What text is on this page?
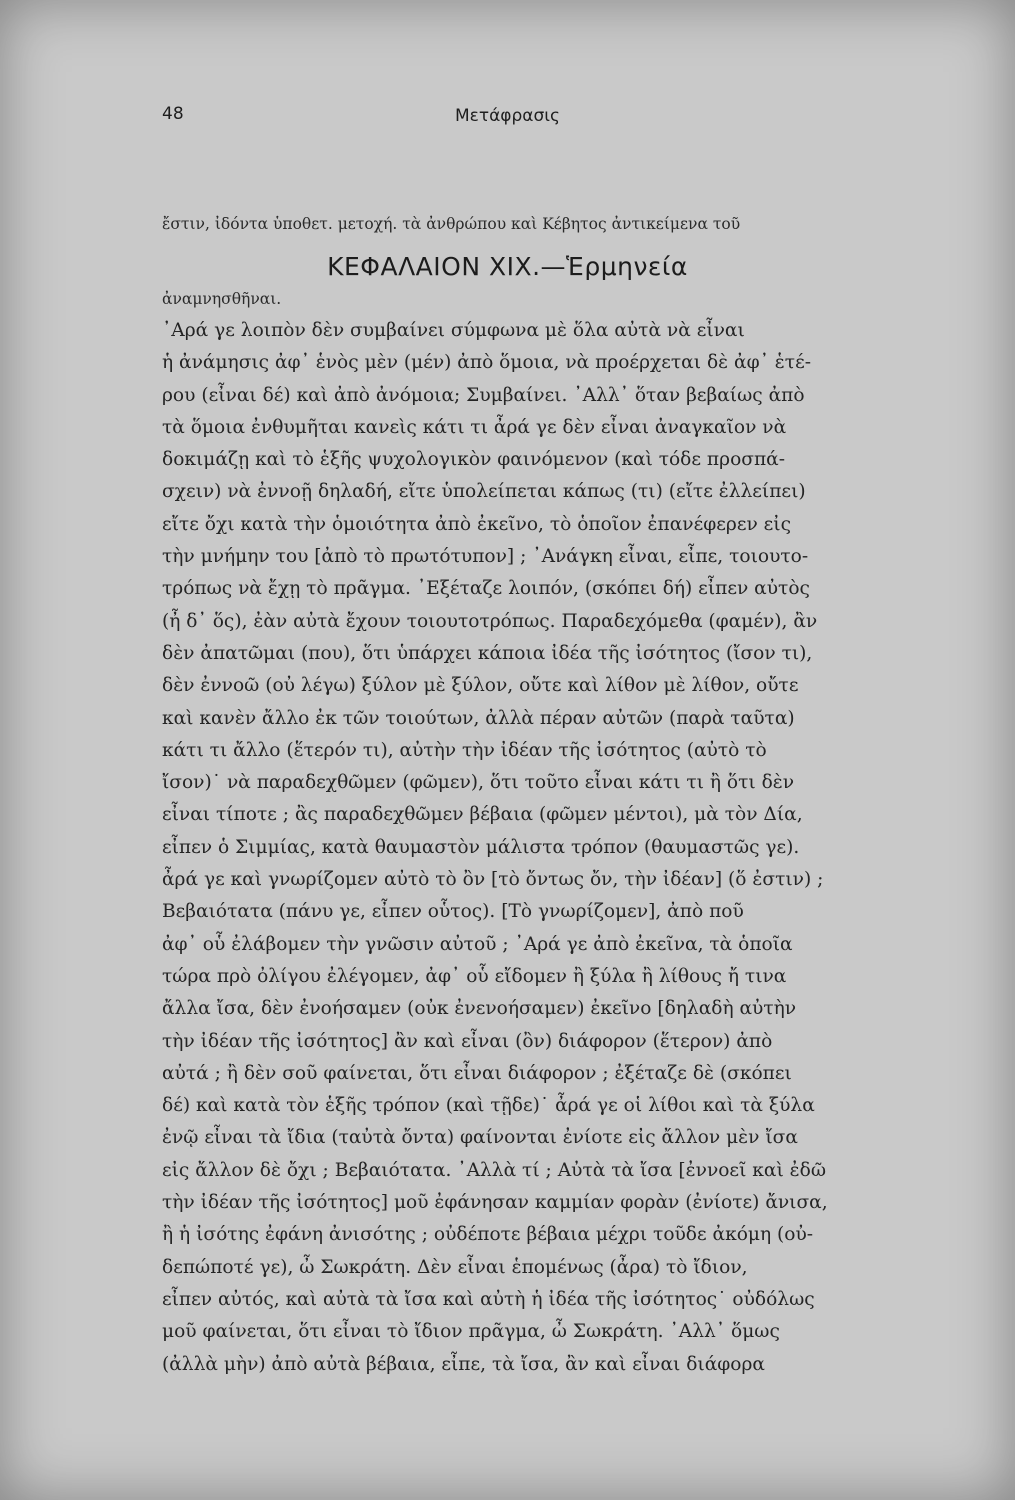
48	Μετάφρασις

ἔστιν, ἰδόντα ὑποθετ. μετοχή. τὰ ἀνθρώπου καὶ Κέβητος ἀντικείμενα τοῦ

ἀναμνησθῆναι.

ΚΕΦΑΛΑΙΟΝ ΧΙΧ.—Ἑρμηνεία
᾿Αρά γε λοιπὸν δὲν συμβαίνει σύμφωνα μὲ ὅλα αὐτὰ νὰ εἶναι
ἡ ἀνάμησις ἀφ᾽ ἑνὸς μὲν (μέν) ἀπὸ ὅμοια, νὰ προέρχεται δὲ ἀφ᾽ ἑτέ-
ρου (εἶναι δέ) καὶ ἀπὸ ἀνόμοια; Συμβαίνει. ᾿Αλλ᾽ ὅταν βεβαίως ἀπὸ
τὰ ὅμοια ἐνθυμῆται κανεὶς κάτι τι ἆρά γε δὲν εἶναι ἀναγκαῖον νὰ
δοκιμάζῃ καὶ τὸ ἑξῆς ψυχολογικὸν φαινόμενον (καὶ τόδε προσπά-
σχειν) νὰ ἐννοῇ δηλαδή, εἴτε ὑπολείπεται κάπως (τι) (εἴτε ἐλλείπει)
εἴτε ὄχι κατὰ τὴν ὁμοιότητα ἀπὸ ἐκεῖνο, τὸ ὁποῖον ἐπανέφερεν εἰς
τὴν μνήμην του [ἀπὸ τὸ πρωτότυπον] ; ᾿Ανάγκη εἶναι, εἶπε, τοιουτο-
τρόπως νὰ ἔχῃ τὸ πρᾶγμα. ᾿Εξέταζε λοιπόν, (σκόπει δή) εἶπεν αὐτὸς
(ἦ δ᾽ ὅς), ἐὰν αὐτὰ ἔχουν τοιουτοτρόπως. Παραδεχόμεθα (φαμέν), ἂν
δὲν ἀπατῶμαι (που), ὅτι ὑπάρχει κάποια ἰδέα τῆς ἰσότητος (ἴσον τι),
δὲν ἐννοῶ (οὐ λέγω) ξύλον μὲ ξύλον, οὔτε καὶ λίθον μὲ λίθον, οὔτε
καὶ κανὲν ἄλλο ἐκ τῶν τοιούτων, ἀλλὰ πέραν αὐτῶν (παρὰ ταῦτα)
κάτι τι ἄλλο (ἕτερόν τι), αὐτὴν τὴν ἰδέαν τῆς ἰσότητος (αὐτὸ τὸ
ἴσον)˙ νὰ παραδεχθῶμεν (φῶμεν), ὅτι τοῦτο εἶναι κάτι τι ἢ ὅτι δὲν
εἶναι τίποτε ; ἂς παραδεχθῶμεν βέβαια (φῶμεν μέντοι), μὰ τὸν Δία,
εἶπεν ὁ Σιμμίας, κατὰ θαυμαστὸν μάλιστα τρόπον (θαυμαστῶς γε).
ἆρά γε καὶ γνωρίζομεν αὐτὸ τὸ ὂν [τὸ ὄντως ὄν, τὴν ἰδέαν] (ὅ ἐστιν) ;
Βεβαιότατα (πάνυ γε, εἶπεν οὗτος). [Τὸ γνωρίζομεν], ἀπὸ ποῦ
ἀφ᾽ οὗ ἐλάβομεν τὴν γνῶσιν αὐτοῦ ; ᾿Αρά γε ἀπὸ ἐκεῖνα, τὰ ὁποῖα
τώρα πρὸ ὀλίγου ἐλέγομεν, ἀφ᾽ οὗ εἴδομεν ἢ ξύλα ἢ λίθους ἤ τινα
ἄλλα ἴσα, δὲν ἐνοήσαμεν (οὐκ ἐνενοήσαμεν) ἐκεῖνο [δηλαδὴ αὐτὴν
τὴν ἰδέαν τῆς ἰσότητος] ἂν καὶ εἶναι (ὂν) διάφορον (ἕτερον) ἀπὸ
αὐτά ; ἢ δὲν σοῦ φαίνεται, ὅτι εἶναι διάφορον ; ἐξέταζε δὲ (σκόπει
δέ) καὶ κατὰ τὸν ἑξῆς τρόπον (καὶ τῇδε)˙ ἆρά γε οἱ λίθοι καὶ τὰ ξύλα
ἐνῷ εἶναι τὰ ἴδια (ταὐτὰ ὄντα) φαίνονται ἐνίοτε εἰς ἄλλον μὲν ἴσα
εἰς ἄλλον δὲ ὄχι ; Βεβαιότατα. ᾿Αλλὰ τί ; Αὐτὰ τὰ ἴσα [ἐννοεῖ καὶ ἐδῶ
τὴν ἰδέαν τῆς ἰσότητος] μοῦ ἐφάνησαν καμμίαν φορὰν (ἐνίοτε) ἄνισα,
ἢ ἡ ἰσότης ἐφάνη ἀνισότης ; οὐδέποτε βέβαια μέχρι τοῦδε ἀκόμη (οὐ-
δεπώποτέ γε), ὦ Σωκράτη. Δὲν εἶναι ἑπομένως (ἆρα) τὸ ἴδιον,
εἶπεν αὐτός, καὶ αὐτὰ τὰ ἴσα καὶ αὐτὴ ἡ ἰδέα τῆς ἰσότητος˙ οὐδόλως
μοῦ φαίνεται, ὅτι εἶναι τὸ ἴδιον πρᾶγμα, ὦ Σωκράτη. ᾿Αλλ᾽ ὅμως
(ἀλλὰ μὴν) ἀπὸ αὐτὰ βέβαια, εἶπε, τὰ ἴσα, ἂν καὶ εἶναι διάφορα
